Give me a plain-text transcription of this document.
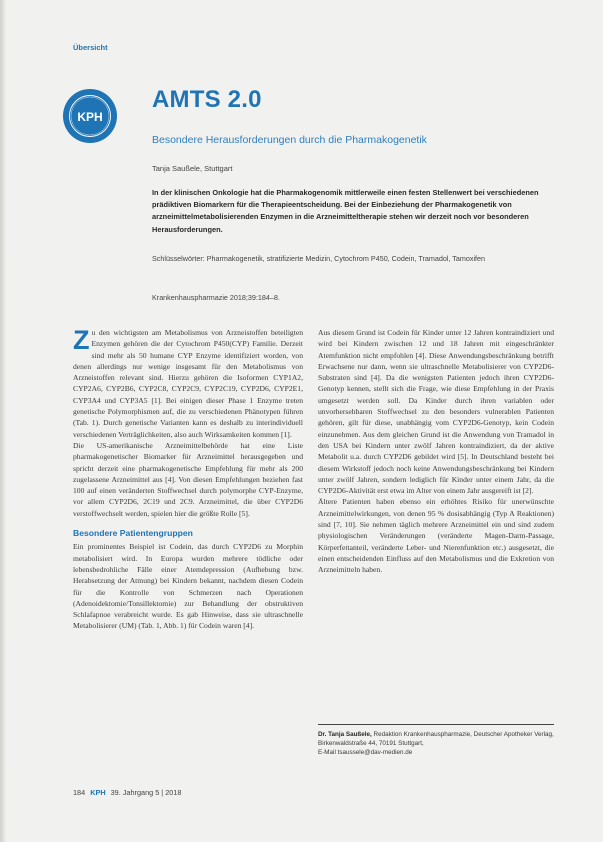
Übersicht
KPH
AMTS 2.0
Besondere Herausforderungen durch die Pharmakogenetik
Tanja Saußele, Stuttgart
In der klinischen Onkologie hat die Pharmakogenomik mittlerweile einen festen Stellenwert bei verschiedenen prädiktiven Biomarkern für die Therapieentscheidung. Bei der Einbeziehung der Pharmakogenetik von arzneimittelmetabolisierenden Enzymen in die Arzneimitteltherapie stehen wir derzeit noch vor besonderen Herausforderungen.
Schlüsselwörter: Pharmakogenetik, stratifizierte Medizin, Cytochrom P450, Codein, Tramadol, Tamoxifen
Krankenhauspharmazie 2018;39:184–8.

Zu den wichtigsten am Metabolismus von Arzneistoffen beteiligten Enzymen gehören die der Cytochrom P450(CYP) Familie. Derzeit sind mehr als 50 humane CYP Enzyme identifiziert worden, von denen allerdings nur wenige insgesamt für den Metabolismus von Arzneistoffen relevant sind. Hierzu gehören die Isoformen CYP1A2, CYP2A6, CYP2B6, CYP2C8, CYP2C9, CYP2C19, CYP2D6, CYP2E1, CYP3A4 und CYP3A5 [1]. Bei einigen dieser Phase 1 Enzyme treten genetische Polymorphismen auf, die zu verschiedenen Phänotypen führen (Tab. 1). Durch genetische Varianten kann es deshalb zu interindividuell verschiedenen Verträglichkeiten, also auch Wirksamkeiten kommen [1].

Die US-amerikanische Arzneimittelbehörde hat eine Liste pharmakogenetischer Biomarker für Arzneimittel herausgegeben und spricht derzeit eine pharmakogenetische Empfehlung für mehr als 200 zugelassene Arzneimittel aus [4]. Von diesen Empfehlungen beziehen fast 100 auf einen veränderten Stoffwechsel durch polymorphe CYP-Enzyme, vor allem CYP2D6, 2C19 und 2C9. Arzneimittel, die über CYP2D6 verstoffwechselt werden, spielen hier die größte Rolle [5].

Besondere Patientengruppen

Ein prominentes Beispiel ist Codein, das durch CYP2D6 zu Morphin metabolisiert wird. In Europa wurden mehrere tödliche oder lebensbedrohliche Fälle einer Atemdepression (Aufhebung bzw. Herabsetzung der Atmung) bei Kindern bekannt, nachdem diesen Codein für die Kontrolle von Schmerzen nach Operationen (Adenoidektomie/Tonsillektomie) zur Behandlung der obstruktiven Schlafapnoe verabreicht wurde. Es gab Hinweise, dass sie ultraschnelle Metabolisierer (UM) (Tab. 1, Abb. 1) für Codein waren [4].

Aus diesem Grund ist Codein für Kinder unter 12 Jahren kontraindiziert und wird bei Kindern zwischen 12 und 18 Jahren mit eingeschränkter Atemfunktion nicht empfohlen [4]. Diese Anwendungsbeschränkung betrifft Erwachsene nur dann, wenn sie ultraschnelle Metabolisierer von CYP2D6-Substraten sind [4]. Da die wenigsten Patienten jedoch ihren CYP2D6-Genotyp kennen, stellt sich die Frage, wie diese Empfehlung in der Praxis umgesetzt werden soll. Da Kinder durch ihren variablen oder unvorhersehbaren Stoffwechsel zu den besonders vulnerablen Patienten gehören, gilt für diese, unabhängig vom CYP2D6-Genotyp, kein Codein einzunehmen. Aus dem gleichen Grund ist die Anwendung von Tramadol in den USA bei Kindern unter zwölf Jahren kontraindiziert, da der aktive Metabolit u.a. durch CYP2D6 gebildet wird [5]. In Deutschland besteht bei diesem Wirkstoff jedoch noch keine Anwendungsbeschränkung bei Kindern unter zwölf Jahren, sondern lediglich für Kinder unter einem Jahr, da die CYP2D6-Aktivität erst etwa im Alter von einem Jahr ausgereift ist [2].

Ältere Patienten haben ebenso ein erhöhtes Risiko für unerwünschte Arzneimittelwirkungen, von denen 95 % dosisabhängig (Typ A Reaktionen) sind [7, 10]. Sie nehmen täglich mehrere Arzneimittel ein und sind zudem physiologischen Veränderungen (veränderte Magen-Darm-Passage, Körperfettanteil, veränderte Leber- und Nierenfunktion etc.) ausgesetzt, die einen entscheidenden Einfluss auf den Metabolismus und die Exkretion von Arzneimitteln haben.

Dr. Tanja Saußele, Redaktion Krankenhauspharmazie, Deutscher Apotheker Verlag, Birkenwaldstraße 44, 70191 Stuttgart,
E-Mail tsaussele@dav-medien.de
184 KPH 39. Jahrgang 5 | 2018
